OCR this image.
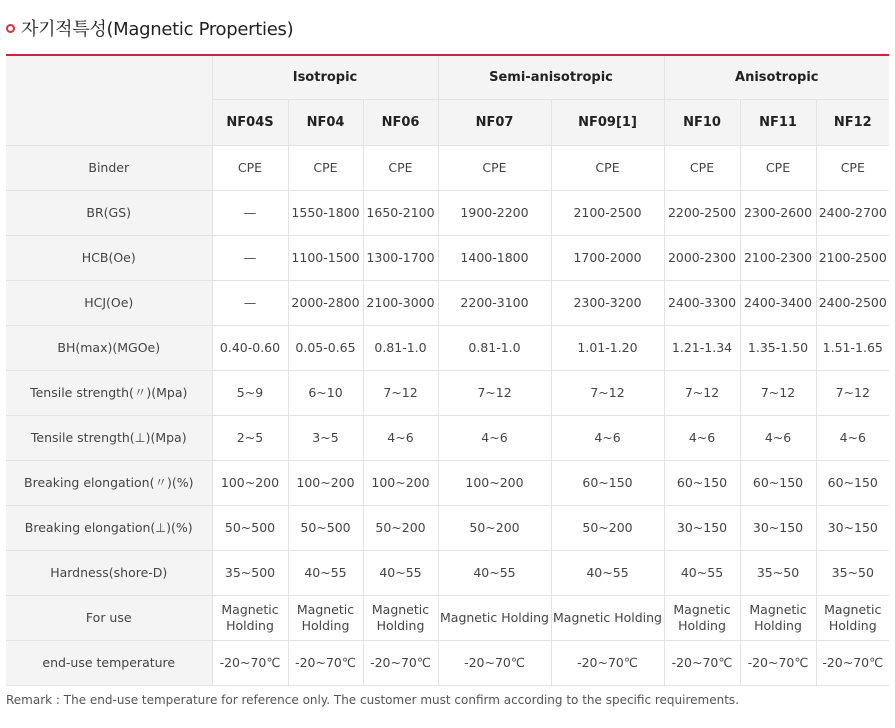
자기적특성(Magnetic Properties)
	Isotropic			Semi-anisotropic		Anisotropic		
	NF04S	NF04	NF06	NF07	NF09[1]	NF10	NF11	NF12
Binder	CPE	CPE	CPE	CPE	CPE	CPE	CPE	CPE
BR(GS)	—	1550-1800	1650-2100	1900-2200	2100-2500	2200-2500	2300-2600	2400-2700
HCB(Oe)	—	1100-1500	1300-1700	1400-1800	1700-2000	2000-2300	2100-2300	2100-2500
HCJ(Oe)	—	2000-2800	2100-3000	2200-3100	2300-3200	2400-3300	2400-3400	2400-2500
BH(max)(MGOe)	0.40-0.60	0.05-0.65	0.81-1.0	0.81-1.0	1.01-1.20	1.21-1.34	1.35-1.50	1.51-1.65
Tensile strength(〃)(Mpa)	5~9	6~10	7~12	7~12	7~12	7~12	7~12	7~12
Tensile strength(⊥)(Mpa)	2~5	3~5	4~6	4~6	4~6	4~6	4~6	4~6
Breaking elongation(〃)(%)	100~200	100~200	100~200	100~200	60~150	60~150	60~150	60~150
Breaking elongation(⊥)(%)	50~500	50~500	50~200	50~200	50~200	30~150	30~150	30~150
Hardness(shore-D)	35~500	40~55	40~55	40~55	40~55	40~55	35~50	35~50
For use	Magnetic Holding	Magnetic Holding	Magnetic Holding	Magnetic Holding	Magnetic Holding	Magnetic Holding	Magnetic Holding	Magnetic Holding
end-use temperature	-20~70℃	-20~70℃	-20~70℃	-20~70℃	-20~70℃	-20~70℃	-20~70℃	-20~70℃
Remark : The end-use temperature for reference only. The customer must confirm according to the specific requirements.
